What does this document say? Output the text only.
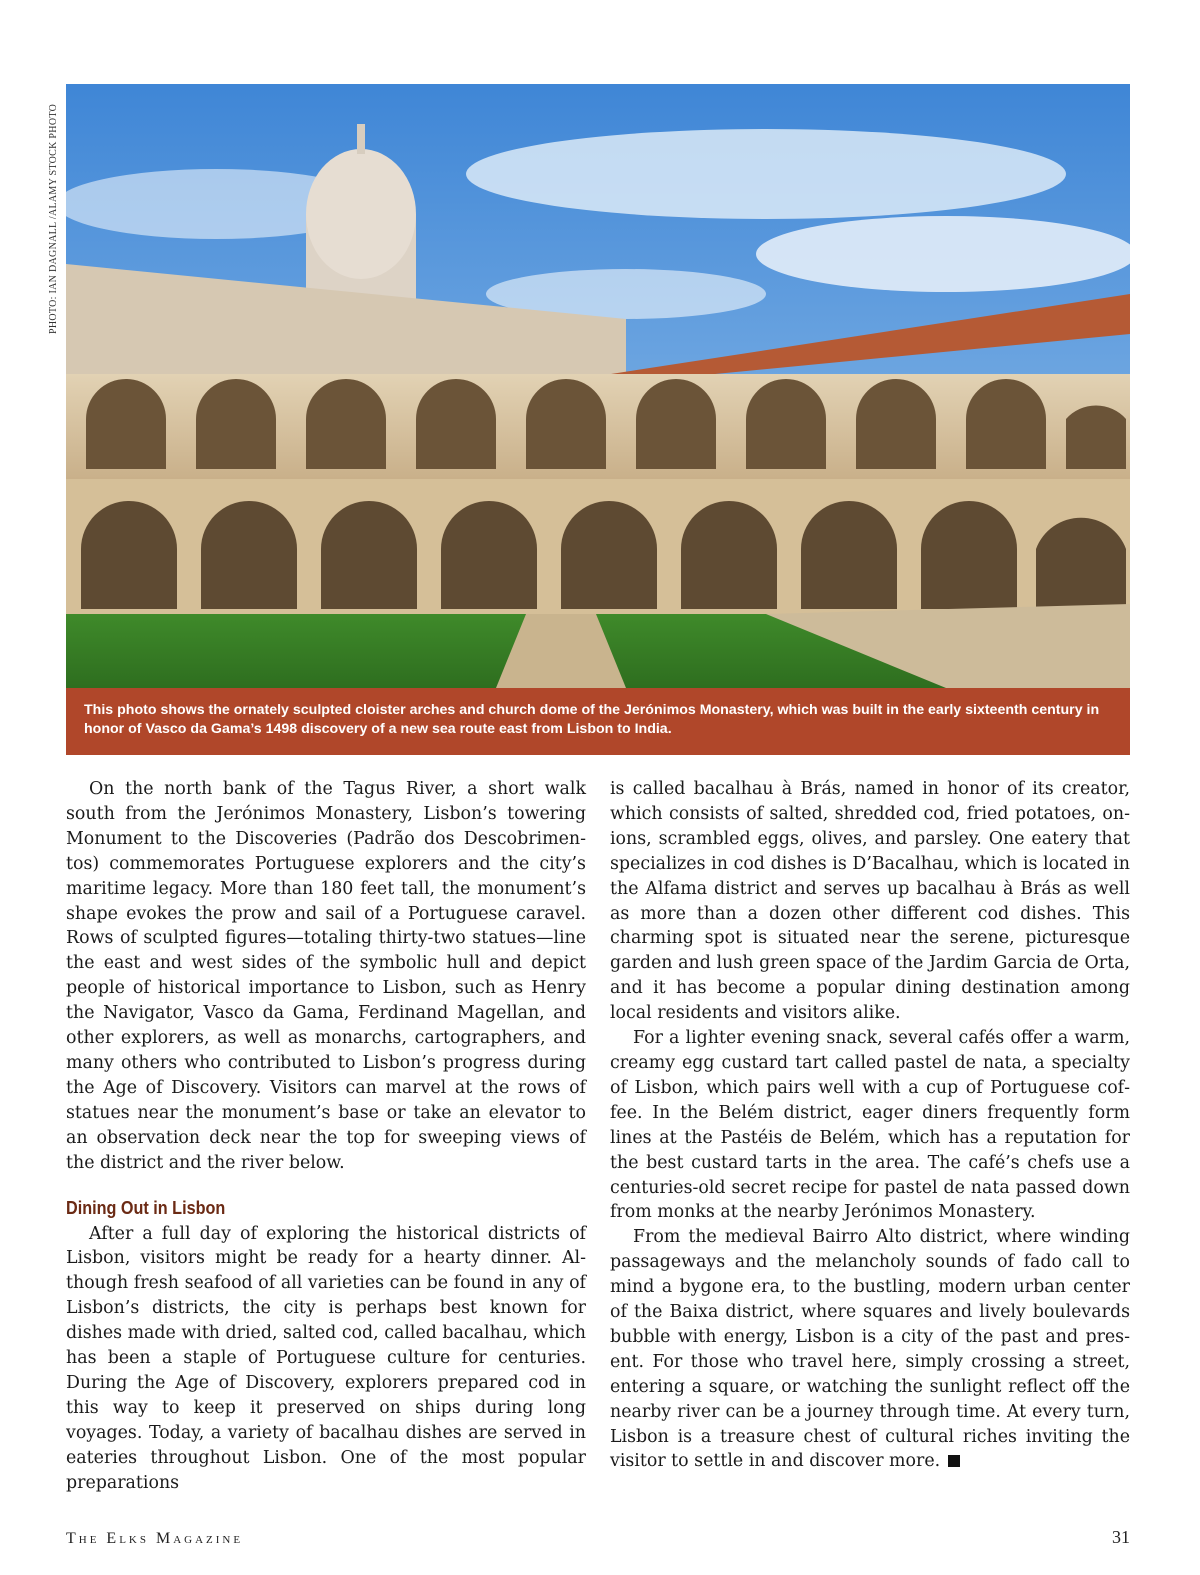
PHOTO: IAN DAGNALL /ALAMY STOCK PHOTO
This photo shows the ornately sculpted cloister arches and church dome of the Jerónimos Monastery, which was built in the early sixteenth century in honor of Vasco da Gama’s 1498 discovery of a new sea route east from Lisbon to India.

On the north bank of the Tagus River, a short walk south from the Jerónimos Monastery, Lisbon’s towering Monument to the Discoveries (Padrão dos Descobrimentos) commemorates Portuguese explorers and the city’s maritime legacy. More than 180 feet tall, the monument’s shape evokes the prow and sail of a Portuguese caravel. Rows of sculpted figures—totaling thirty-two statues—line the east and west sides of the symbolic hull and depict people of historical importance to Lisbon, such as Henry the Navigator, Vasco da Gama, Ferdinand Magellan, and other explorers, as well as monarchs, cartographers, and many others who contributed to Lisbon’s progress during the Age of Discovery. Visitors can marvel at the rows of statues near the monument’s base or take an elevator to an observation deck near the top for sweeping views of the district and the river below.

Dining Out in Lisbon

After a full day of exploring the historical districts of Lisbon, visitors might be ready for a hearty dinner. Although fresh seafood of all varieties can be found in any of Lisbon’s districts, the city is perhaps best known for dishes made with dried, salted cod, called bacalhau, which has been a staple of Portuguese culture for centuries. During the Age of Discovery, explorers prepared cod in this way to keep it preserved on ships during long voyages. Today, a variety of bacalhau dishes are served in eateries throughout Lisbon. One of the most popular preparations

is called bacalhau à Brás, named in honor of its creator, which consists of salted, shredded cod, fried potatoes, onions, scrambled eggs, olives, and parsley. One eatery that specializes in cod dishes is D’Bacalhau, which is located in the Alfama district and serves up bacalhau à Brás as well as more than a dozen other different cod dishes. This charming spot is situated near the serene, picturesque garden and lush green space of the Jardim Garcia de Orta, and it has become a popular dining destination among local residents and visitors alike.

For a lighter evening snack, several cafés offer a warm, creamy egg custard tart called pastel de nata, a specialty of Lisbon, which pairs well with a cup of Portuguese coffee. In the Belém district, eager diners frequently form lines at the Pastéis de Belém, which has a reputation for the best custard tarts in the area. The café’s chefs use a centuries-old secret recipe for pastel de nata passed down from monks at the nearby Jerónimos Monastery.

From the medieval Bairro Alto district, where winding passageways and the melancholy sounds of fado call to mind a bygone era, to the bustling, modern urban center of the Baixa district, where squares and lively boulevards bubble with energy, Lisbon is a city of the past and present. For those who travel here, simply crossing a street, entering a square, or watching the sunlight reflect off the nearby river can be a journey through time. At every turn, Lisbon is a treasure chest of cultural riches inviting the visitor to settle in and discover more.

The Elks Magazine	31
